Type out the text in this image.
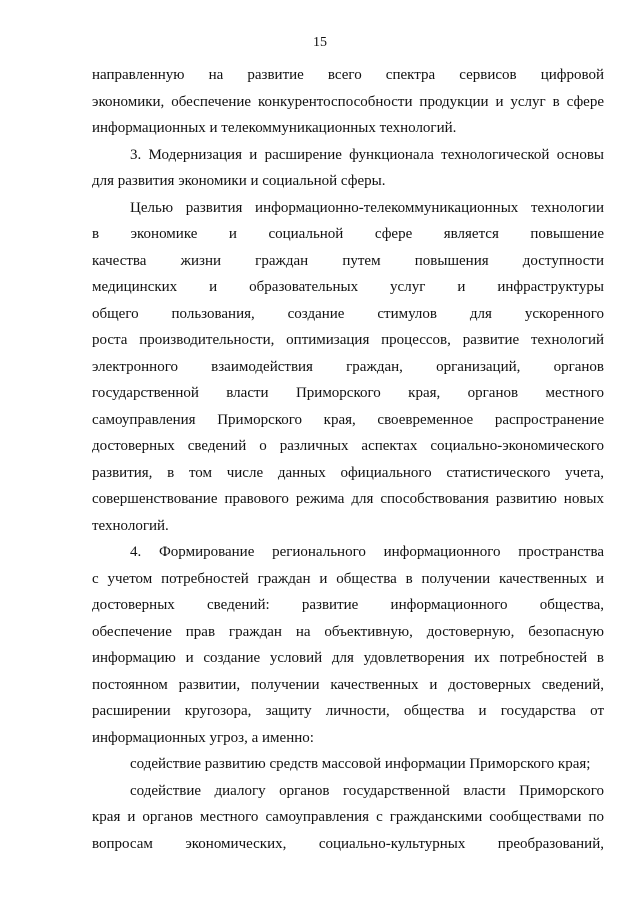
15
направленную на развитие всего спектра сервисов цифровой
экономики, обеспечение конкурентоспособности продукции и услуг в сфере
информационных и телекоммуникационных технологий.
3. Модернизация и расширение функционала технологической основы
для развития экономики и социальной сферы.
Целью развития информационно-телекоммуникационных технологии
в экономике и социальной сфере является повышение
качества жизни граждан путем повышения доступности
медицинских и образовательных услуг и инфраструктуры
общего пользования, создание стимулов для ускоренного
роста производительности, оптимизация процессов, развитие технологий
электронного взаимодействия граждан, организаций, органов
государственной власти Приморского края, органов местного
самоуправления Приморского края, своевременное распространение
достоверных сведений о различных аспектах социально-экономического
развития, в том числе данных официального статистического учета,
совершенствование правового режима для способствования развитию новых
технологий.
4. Формирование регионального информационного пространства
с учетом потребностей граждан и общества в получении качественных и
достоверных сведений: развитие информационного общества,
обеспечение прав граждан на объективную, достоверную, безопасную
информацию и создание условий для удовлетворения их потребностей в
постоянном развитии, получении качественных и достоверных сведений,
расширении кругозора, защиту личности, общества и государства от
информационных угроз, а именно:
содействие развитию средств массовой информации Приморского края;
содействие диалогу органов государственной власти Приморского
края и органов местного самоуправления с гражданскими сообществами по
вопросам экономических, социально-культурных преобразований,
